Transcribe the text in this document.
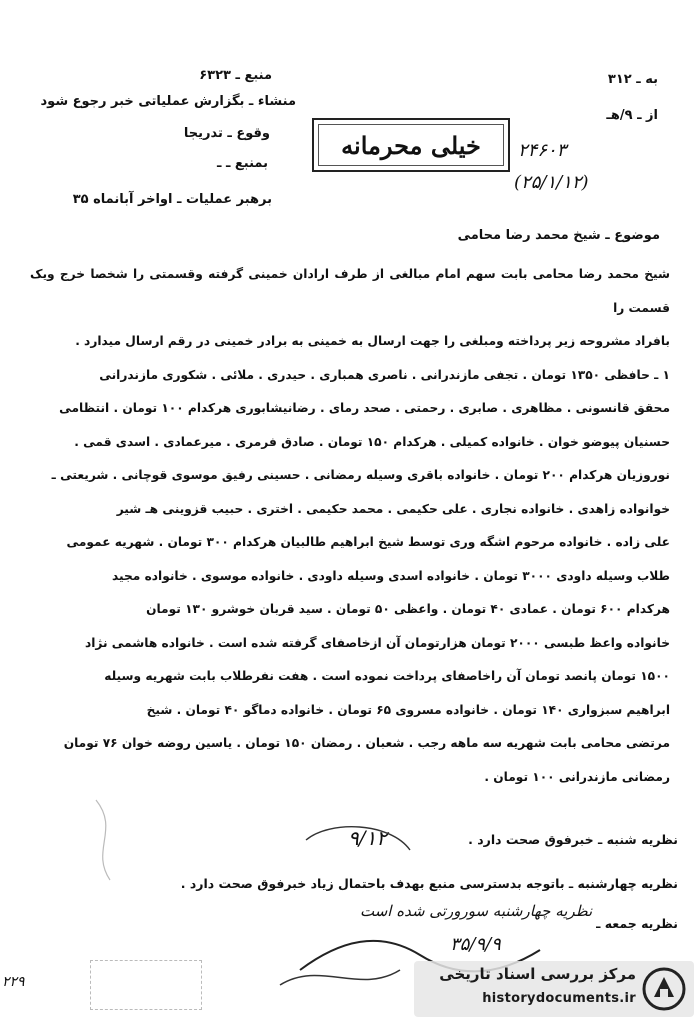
به ـ ۳۱۲
از ـ ۹/هـ
منبع ـ ۶۳۲۳
منشاء ـ بگزارش عملیاتی خبر رجوع شود
وقوع ـ تدریجا
بمنبع ـ ـ
برهبر عملیات ـ اواخر آبانماه ۳۵
خیلی محرمانه ۲۴۶۰۳
(۲۵/۱/۱۲)
موضوع ـ شیخ محمد رضا محامی

شیخ محمد رضا محامی بابت سهم امام مبالغی از طرف ارادان خمینی گرفته وقسمتی را شخصا خرج ویک قسمت را

بافراد مشروحه زیر پرداخته ومبلغی را جهت ارسال به خمینی به برادر خمینی در رقم ارسال میدارد .

۱ ـ حافظی ۱۳۵۰ تومان . تجفی مازندرانی . ناصری همباری . حیدری . ملائی . شکوری مازندرانی

محقق قانسونی . مظاهری . صابری . رحمتی . صحد رمای . رضانیشابوری هرکدام ۱۰۰ تومان . انتظامی

حسنیان پیوضو خوان . خانواده کمیلی . هرکدام ۱۵۰ تومان . صادق فرمری . میرعمادی . اسدی قمی .

نوروزیان هرکدام ۲۰۰ تومان . خانواده باقری وسیله رمضانی . حسینی رفیق موسوی قوچانی . شریعتی ـ

خوانواده زاهدی . خانواده نجاری . علی حکیمی . محمد حکیمی . اختری . حبیب قزوینی هـ شیر

علی زاده . خانواده مرحوم اشگه وری توسط شیخ ابراهیم طالبیان هرکدام ۳۰۰ تومان . شهریه عمومی

طلاب وسیله داودی ۳۰۰۰ تومان . خانواده اسدی وسیله داودی . خانواده موسوی . خانواده مجید

هرکدام ۶۰۰ تومان . عمادی ۴۰ تومان . واعظی ۵۰ تومان . سید قربان خوشرو ۱۳۰ تومان

خانواده واعظ طبسی ۲۰۰۰ تومان هزارتومان آن ازخاصفای گرفته شده است . خانواده هاشمی نژاد

۱۵۰۰ تومان پانصد تومان آن راخاصفای پرداخت نموده است . هفت نفرطلاب بابت شهریه وسیله

ابراهیم سبزواری ۱۴۰ تومان . خانواده مسروی ۶۵ تومان . خانواده دماگو ۴۰ تومان . شیخ

مرتضی محامی بابت شهریه سه ماهه رجب . شعبان . رمضان ۱۵۰ تومان . یاسین روضه خوان ۷۶ تومان

رمضانی مازندرانی ۱۰۰ تومان .

۹/۱۲	نظریه شنبه ـ خبرفوق صحت دارد .
نظریه چهارشنبه ـ باتوجه بدسترسی منبع بهدف باحتمال زیاد خبرفوق صحت دارد .
نظریه جمعه ـ
نظریه چهارشنبه سورورتی شده است
۳۵/۹/۹
۲۲۹	مرکز بررسی اسناد تاریخی
historydocuments.ir
